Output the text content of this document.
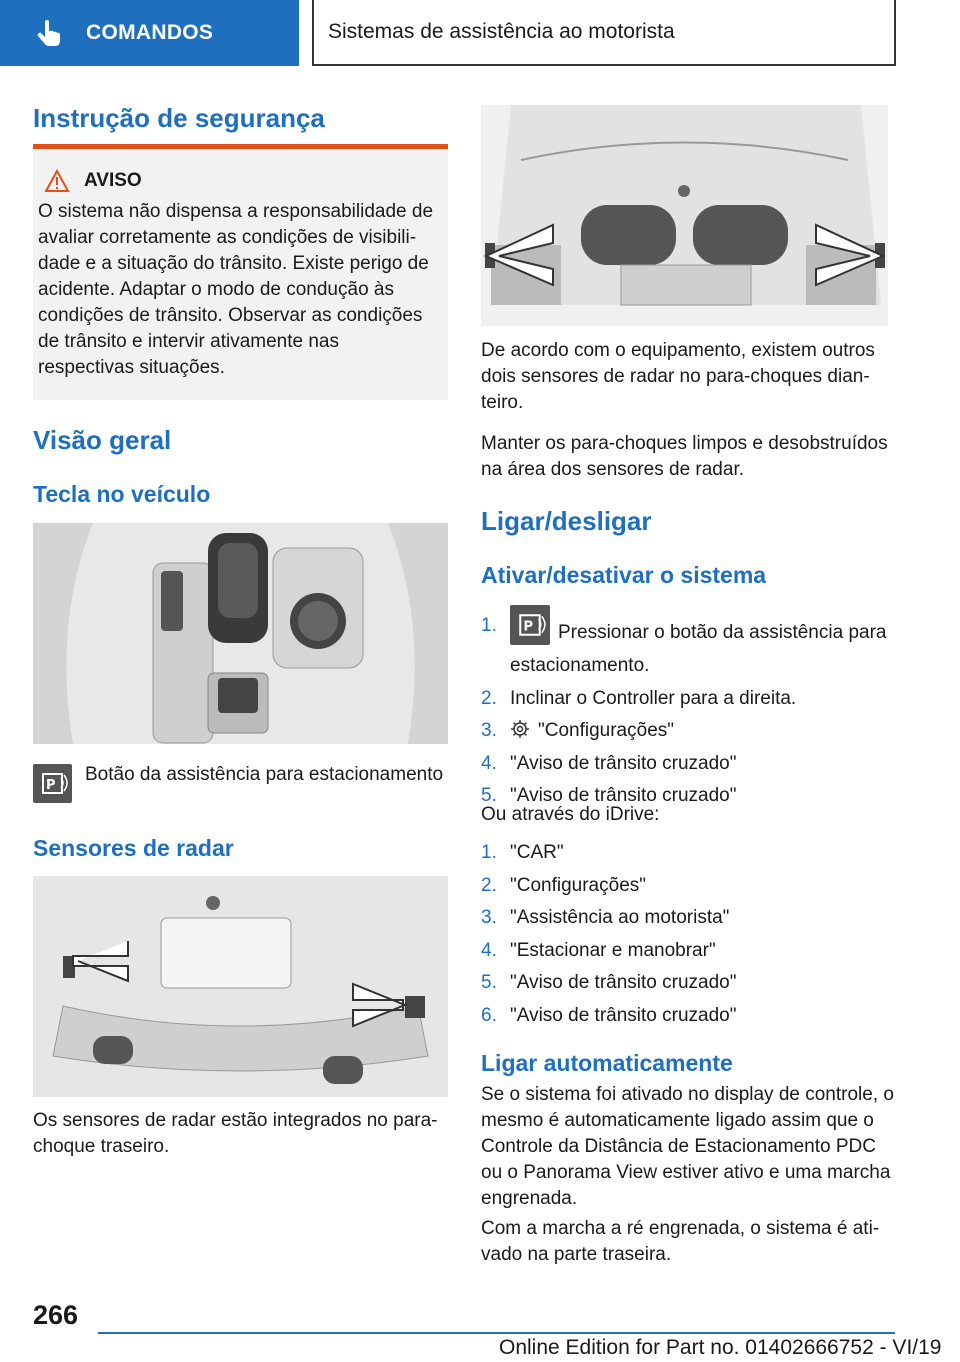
COMANDOS	Sistemas de assistência ao motorista
Instrução de segurança
AVISO
O sistema não dispensa a responsabilidade de avaliar corretamente as condições de visibilidade e a situação do trânsito. Existe perigo de acidente. Adaptar o modo de condução às condições de trânsito. Observar as condições de trânsito e intervir ativamente nas respectivas situações.
Visão geral
Tecla no veículo
P
Botão da assistência para estacionamento
Sensores de radar
Os sensores de radar estão integrados no para-choque traseiro.
De acordo com o equipamento, existem outros dois sensores de radar no para-choques dianteiro.
Manter os para-choques limpos e desobstruídos na área dos sensores de radar.
Ligar/desligar
Ativar/desativar o sistema
1.	P Pressionar o botão da assistência para estacionamento.
2. Inclinar o Controller para a direita.
3.	"Configurações"
4. "Aviso de trânsito cruzado"
5. "Aviso de trânsito cruzado"
Ou através do iDrive:
1. "CAR"
2. "Configurações"
3. "Assistência ao motorista"
4. "Estacionar e manobrar"
5. "Aviso de trânsito cruzado"
6. "Aviso de trânsito cruzado"
Ligar automaticamente
Se o sistema foi ativado no display de controle, o mesmo é automaticamente ligado assim que o Controle da Distância de Estacionamento PDC ou o Panorama View estiver ativo e uma marcha engrenada.
Com a marcha a ré engrenada, o sistema é ativado na parte traseira.
266
Online Edition for Part no. 01402666752 - VI/19
